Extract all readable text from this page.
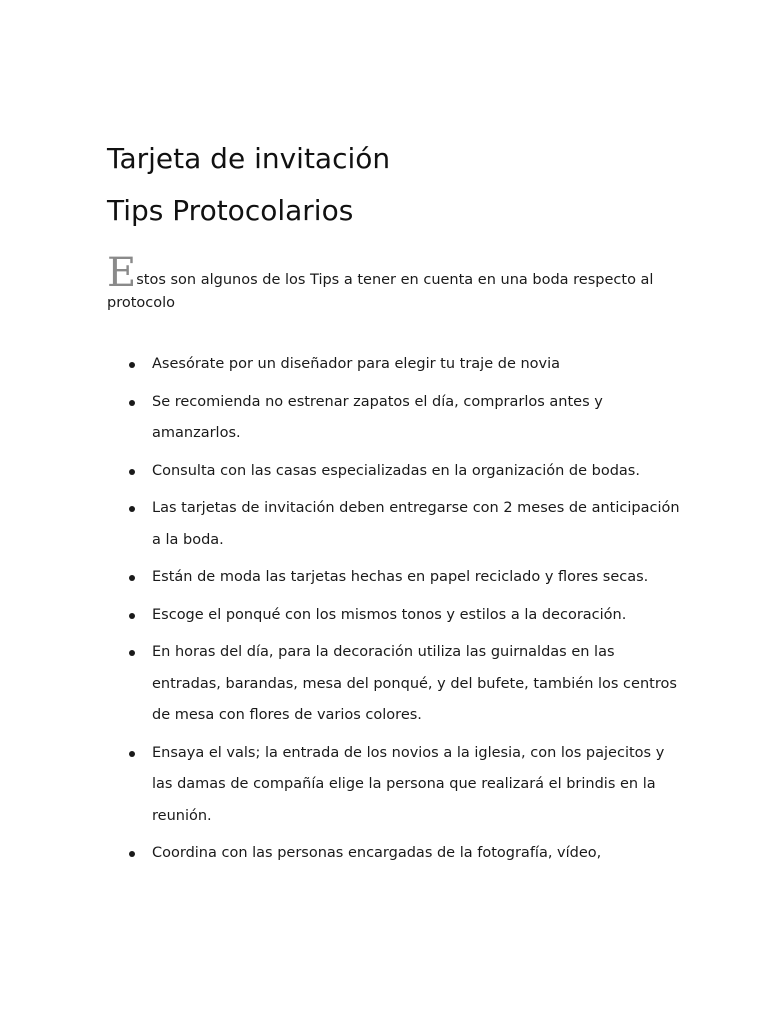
Tarjeta de invitación
Tips Protocolarios

Estos son algunos de los Tips a tener en cuenta en una boda respecto al protocolo

Asesórate por un diseñador para elegir tu traje de novia
Se recomienda no estrenar zapatos el día, comprarlos antes y amanzarlos.
Consulta con las casas especializadas en la organización de bodas.
Las tarjetas de invitación deben entregarse con 2 meses de anticipación a la boda.
Están de moda las tarjetas hechas en papel reciclado y flores secas.
Escoge el ponqué con los mismos tonos y estilos a la decoración.
En horas del día, para la decoración utiliza las guirnaldas en las entradas, barandas, mesa del ponqué, y del bufete, también los centros de mesa con flores de varios colores.
Ensaya el vals; la entrada de los novios a la iglesia, con los pajecitos y las damas de compañía elige la persona que realizará el brindis en la reunión.
Coordina con las personas encargadas de la fotografía, vídeo,
